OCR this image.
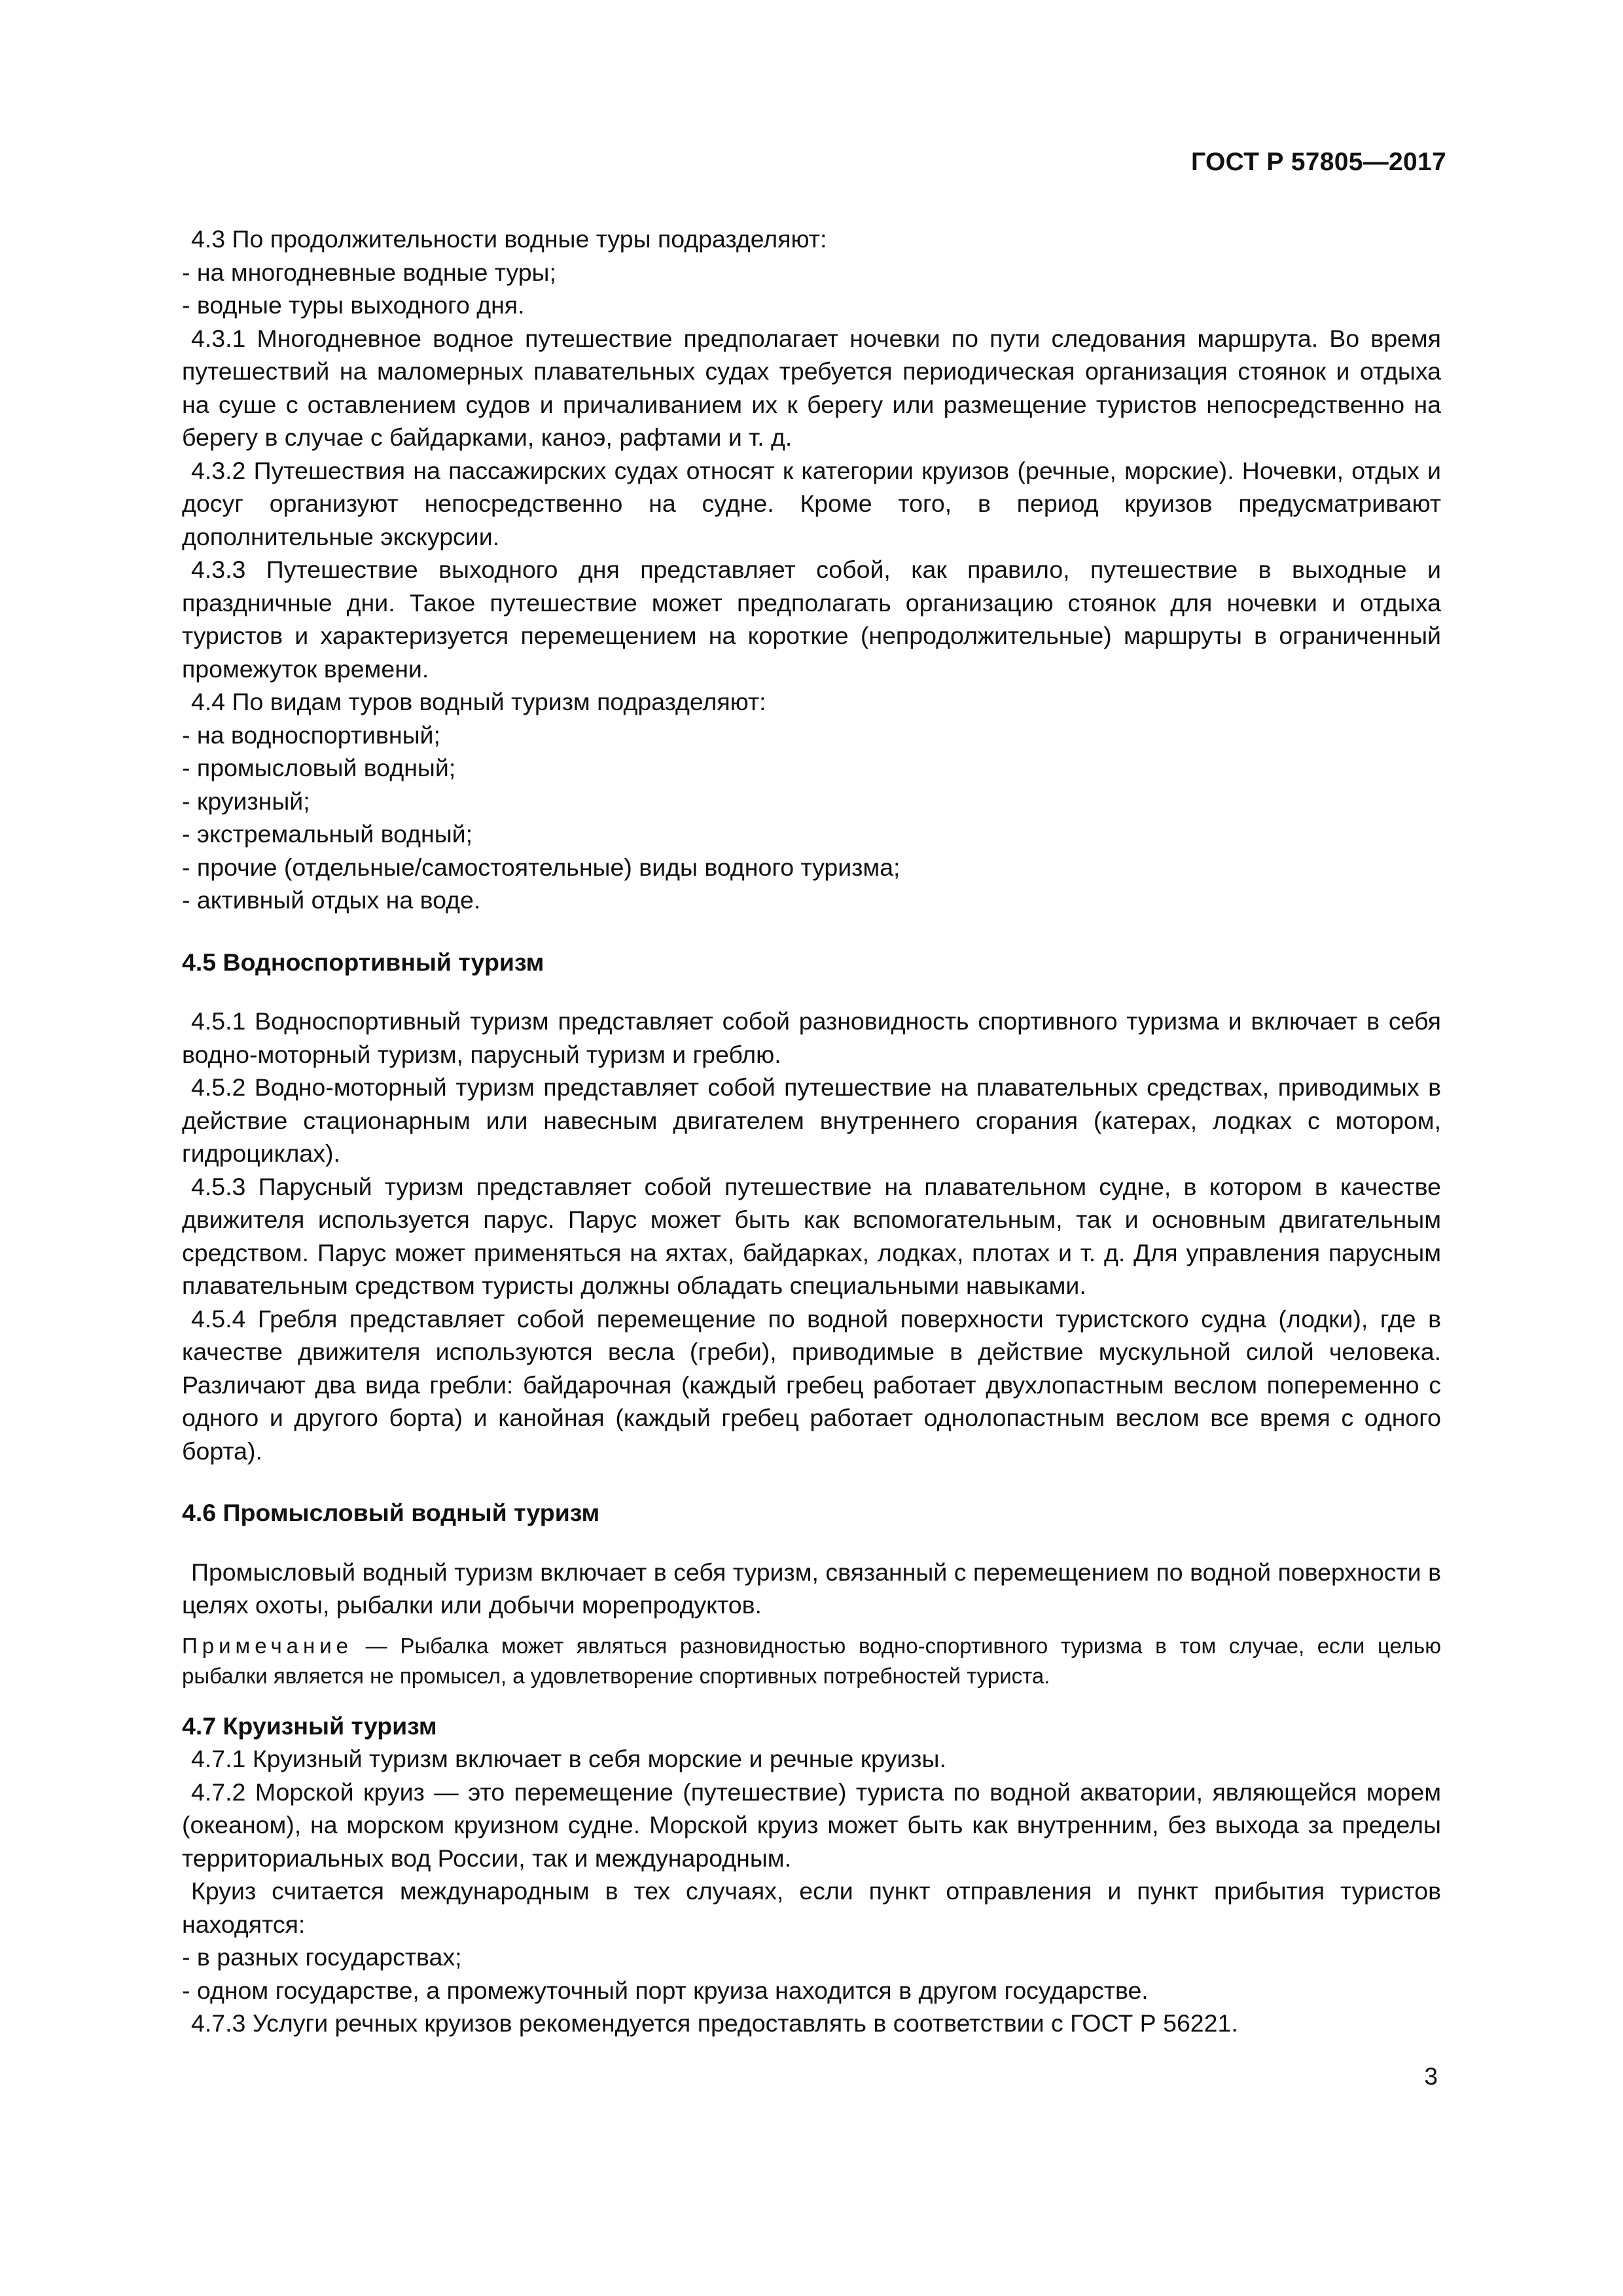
ГОСТ Р 57805—2017

4.3 По продолжительности водные туры подразделяют:

- на многодневные водные туры;

- водные туры выходного дня.

4.3.1 Многодневное водное путешествие предполагает ночевки по пути следования маршрута. Во время путешествий на маломерных плавательных судах требуется периодическая организация стоянок и отдыха на суше с оставлением судов и причаливанием их к берегу или размещение туристов непосредственно на берегу в случае с байдарками, каноэ, рафтами и т. д.

4.3.2 Путешествия на пассажирских судах относят к категории круизов (речные, морские). Ночевки, отдых и досуг организуют непосредственно на судне. Кроме того, в период круизов предусматривают дополнительные экскурсии.

4.3.3 Путешествие выходного дня представляет собой, как правило, путешествие в выходные и праздничные дни. Такое путешествие может предполагать организацию стоянок для ночевки и отдыха туристов и характеризуется перемещением на короткие (непродолжительные) маршруты в ограниченный промежуток времени.

4.4 По видам туров водный туризм подразделяют:

- на водноспортивный;

- промысловый водный;

- круизный;

- экстремальный водный;

- прочие (отдельные/самостоятельные) виды водного туризма;

- активный отдых на воде.

4.5 Водноспортивный туризм

4.5.1 Водноспортивный туризм представляет собой разновидность спортивного туризма и включает в себя водно-моторный туризм, парусный туризм и греблю.

4.5.2 Водно-моторный туризм представляет собой путешествие на плавательных средствах, приводимых в действие стационарным или навесным двигателем внутреннего сгорания (катерах, лодках с мотором, гидроциклах).

4.5.3 Парусный туризм представляет собой путешествие на плавательном судне, в котором в качестве движителя используется парус. Парус может быть как вспомогательным, так и основным двигательным средством. Парус может применяться на яхтах, байдарках, лодках, плотах и т. д. Для управления парусным плавательным средством туристы должны обладать специальными навыками.

4.5.4 Гребля представляет собой перемещение по водной поверхности туристского судна (лодки), где в качестве движителя используются весла (греби), приводимые в действие мускульной силой человека. Различают два вида гребли: байдарочная (каждый гребец работает двухлопастным веслом попеременно с одного и другого борта) и канойная (каждый гребец работает однолопастным веслом все время с одного борта).

4.6 Промысловый водный туризм

Промысловый водный туризм включает в себя туризм, связанный с перемещением по водной поверхности в целях охоты, рыбалки или добычи морепродуктов.

Примечание — Рыбалка может являться разновидностью водно-спортивного туризма в том случае, если целью рыбалки является не промысел, а удовлетворение спортивных потребностей туриста.

4.7 Круизный туризм

4.7.1 Круизный туризм включает в себя морские и речные круизы.

4.7.2 Морской круиз — это перемещение (путешествие) туриста по водной акватории, являющейся морем (океаном), на морском круизном судне. Морской круиз может быть как внутренним, без выхода за пределы территориальных вод России, так и международным.

Круиз считается международным в тех случаях, если пункт отправления и пункт прибытия туристов находятся:

- в разных государствах;

- одном государстве, а промежуточный порт круиза находится в другом государстве.

4.7.3 Услуги речных круизов рекомендуется предоставлять в соответствии с ГОСТ Р 56221.

3
